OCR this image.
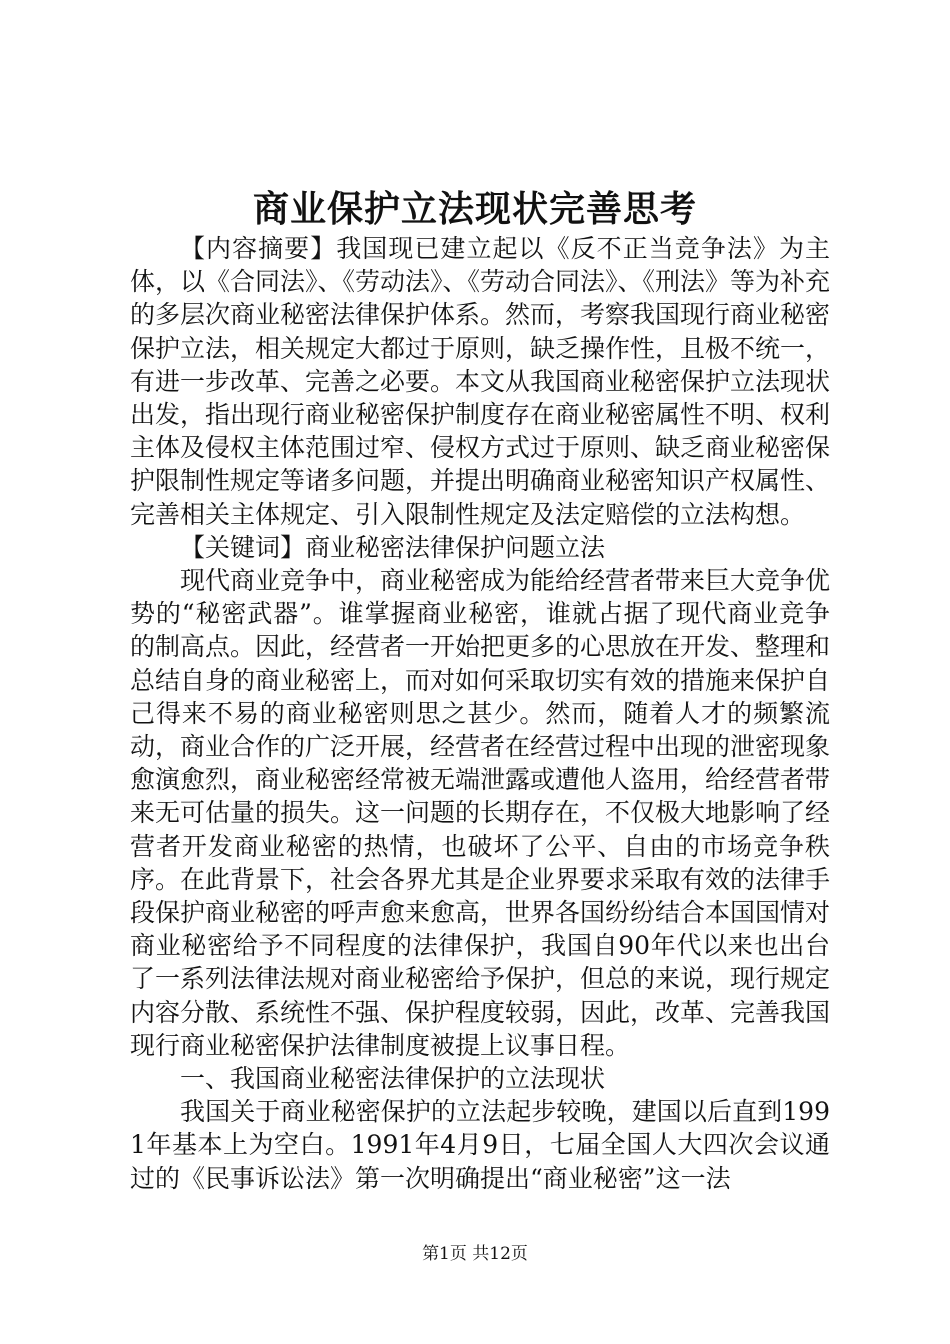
商业保护立法现状完善思考

【内容摘要】我国现已建立起以《反不正当竞争法》为主体，以《合同法》、《劳动法》、《劳动合同法》、《刑法》等为补充的多层次商业秘密法律保护体系。然而，考察我国现行商业秘密保护立法，相关规定大都过于原则，缺乏操作性，且极不统一，有进一步改革、完善之必要。本文从我国商业秘密保护立法现状出发，指出现行商业秘密保护制度存在商业秘密属性不明、权利主体及侵权主体范围过窄、侵权方式过于原则、缺乏商业秘密保护限制性规定等诸多问题，并提出明确商业秘密知识产权属性、完善相关主体规定、引入限制性规定及法定赔偿的立法构想。

【关键词】商业秘密法律保护问题立法

现代商业竞争中，商业秘密成为能给经营者带来巨大竞争优势的“秘密武器”。谁掌握商业秘密，谁就占据了现代商业竞争的制高点。因此，经营者一开始把更多的心思放在开发、整理和总结自身的商业秘密上，而对如何采取切实有效的措施来保护自己得来不易的商业秘密则思之甚少。然而，随着人才的频繁流动，商业合作的广泛开展，经营者在经营过程中出现的泄密现象愈演愈烈，商业秘密经常被无端泄露或遭他人盗用，给经营者带来无可估量的损失。这一问题的长期存在，不仅极大地影响了经营者开发商业秘密的热情，也破坏了公平、自由的市场竞争秩序。在此背景下，社会各界尤其是企业界要求采取有效的法律手段保护商业秘密的呼声愈来愈高，世界各国纷纷结合本国国情对商业秘密给予不同程度的法律保护，我国自90年代以来也出台了一系列法律法规对商业秘密给予保护，但总的来说，现行规定内容分散、系统性不强、保护程度较弱，因此，改革、完善我国现行商业秘密保护法律制度被提上议事日程。

一、我国商业秘密法律保护的立法现状

我国关于商业秘密保护的立法起步较晚，建国以后直到1991年基本上为空白。1991年4月9日，七届全国人大四次会议通过的《民事诉讼法》第一次明确提出“商业秘密”这一法

第1页 共12页
